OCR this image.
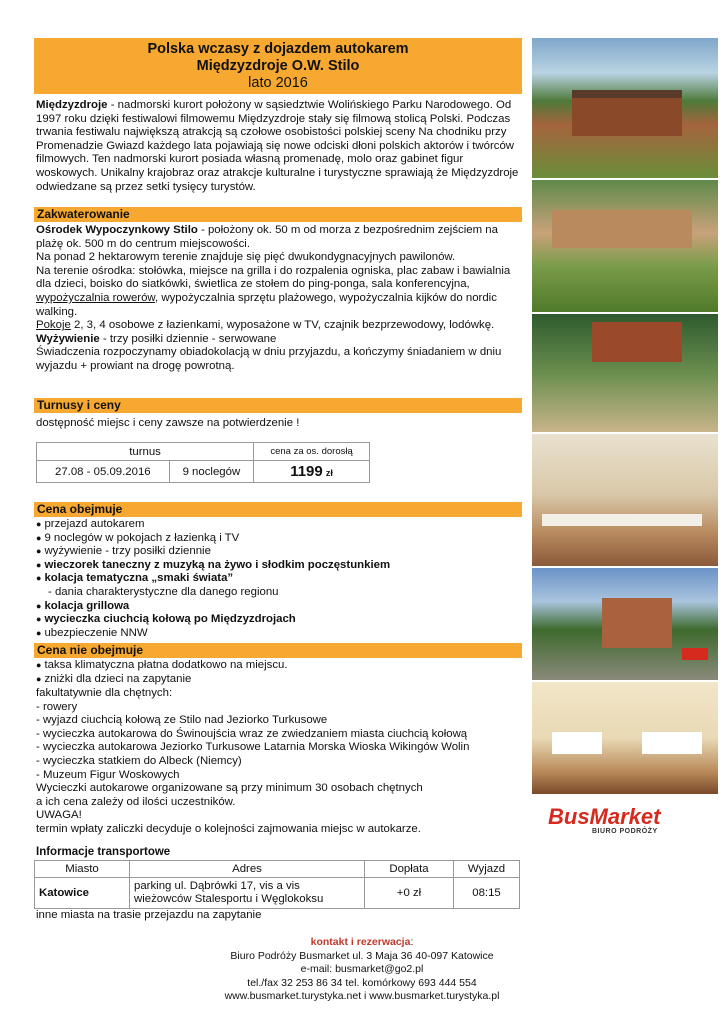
Polska wczasy z dojazdem autokarem
Międzyzdroje O.W. Stilo
lato 2016
Międzyzdroje - nadmorski kurort położony w sąsiedztwie Wolińskiego Parku Narodowego. Od 1997 roku dzięki festiwalowi filmowemu Międzyzdroje stały się filmową stolicą Polski. Podczas trwania festiwalu największą atrakcją są czołowe osobistości polskiej sceny Na chodniku przy Promenadzie Gwiazd każdego lata pojawiają się nowe odciski dłoni polskich aktorów i twórców filmowych. Ten nadmorski kurort posiada własną promenadę, molo oraz gabinet figur woskowych. Unikalny krajobraz oraz atrakcje kulturalne i turystyczne sprawiają że Międzyzdroje odwiedzane są przez setki tysięcy turystów.
Zakwaterowanie
Ośrodek Wypoczynkowy Stilo - położony ok. 50 m od morza z bezpośrednim zejściem na plażę ok. 500 m do centrum miejscowości.
Na ponad 2 hektarowym terenie znajduje się pięć dwukondygnacyjnych pawilonów.
Na terenie ośrodka: stołówka, miejsce na grilla i do rozpalenia ogniska, plac zabaw i bawialnia dla dzieci, boisko do siatkówki, świetlica ze stołem do ping-ponga, sala konferencyjna, wypożyczalnia rowerów, wypożyczalnia sprzętu plażowego, wypożyczalnia kijków do nordic walking.
Pokoje 2, 3, 4 osobowe z łazienkami, wyposażone w TV, czajnik bezprzewodowy, lodówkę.
Wyżywienie - trzy posiłki dziennie - serwowane
Świadczenia rozpoczynamy obiadokolacją w dniu przyjazdu, a kończymy śniadaniem w dniu wyjazdu + prowiant na drogę powrotną.
Turnusy i ceny
dostępność miejsc i ceny zawsze na potwierdzenie !
turnus		cena za os. dorosłą
27.08 - 05.09.2016	9 noclegów	1199 zł
Cena obejmuje
● przejazd autokarem
● 9 noclegów w pokojach z łazienką i TV
● wyżywienie - trzy posiłki dziennie
● wieczorek taneczny z muzyką na żywo i słodkim poczęstunkiem
● kolacja tematyczna „smaki świata”
- dania charakterystyczne dla danego regionu
● kolacja grillowa
● wycieczka ciuchcią kołową po Międzyzdrojach
● ubezpieczenie NNW
Cena nie obejmuje
● taksa klimatyczna płatna dodatkowo na miejscu.
● zniżki dla dzieci na zapytanie
fakultatywnie dla chętnych:
- rowery
- wyjazd ciuchcią kołową ze Stilo nad Jeziorko Turkusowe
- wycieczka autokarowa do Świnoujścia wraz ze zwiedzaniem miasta ciuchcią kołową
- wycieczka autokarowa Jeziorko Turkusowe Latarnia Morska Wioska Wikingów Wolin
- wycieczka statkiem do Albeck (Niemcy)
- Muzeum Figur Woskowych
Wycieczki autokarowe organizowane są przy minimum 30 osobach chętnych
a ich cena zależy od ilości uczestników.
UWAGA!
termin wpłaty zaliczki decyduje o kolejności zajmowania miejsc w autokarze.
Informacje transportowe
Miasto	Adres	Dopłata	Wyjazd
Katowice	parking ul. Dąbrówki 17, vis a vis wieżowców Stalesportu i Węglokoksu	+0 zł	08:15
inne miasta na trasie przejazdu na zapytanie
kontakt i rezerwacja:
Biuro Podróży Busmarket ul. 3 Maja 36 40-097 Katowice
e-mail: busmarket@go2.pl
tel./fax 32 253 86 34 tel. komórkowy 693 444 554
www.busmarket.turystyka.net i www.busmarket.turystyka.pl
BusMarket
BIURO PODRÓŻY
